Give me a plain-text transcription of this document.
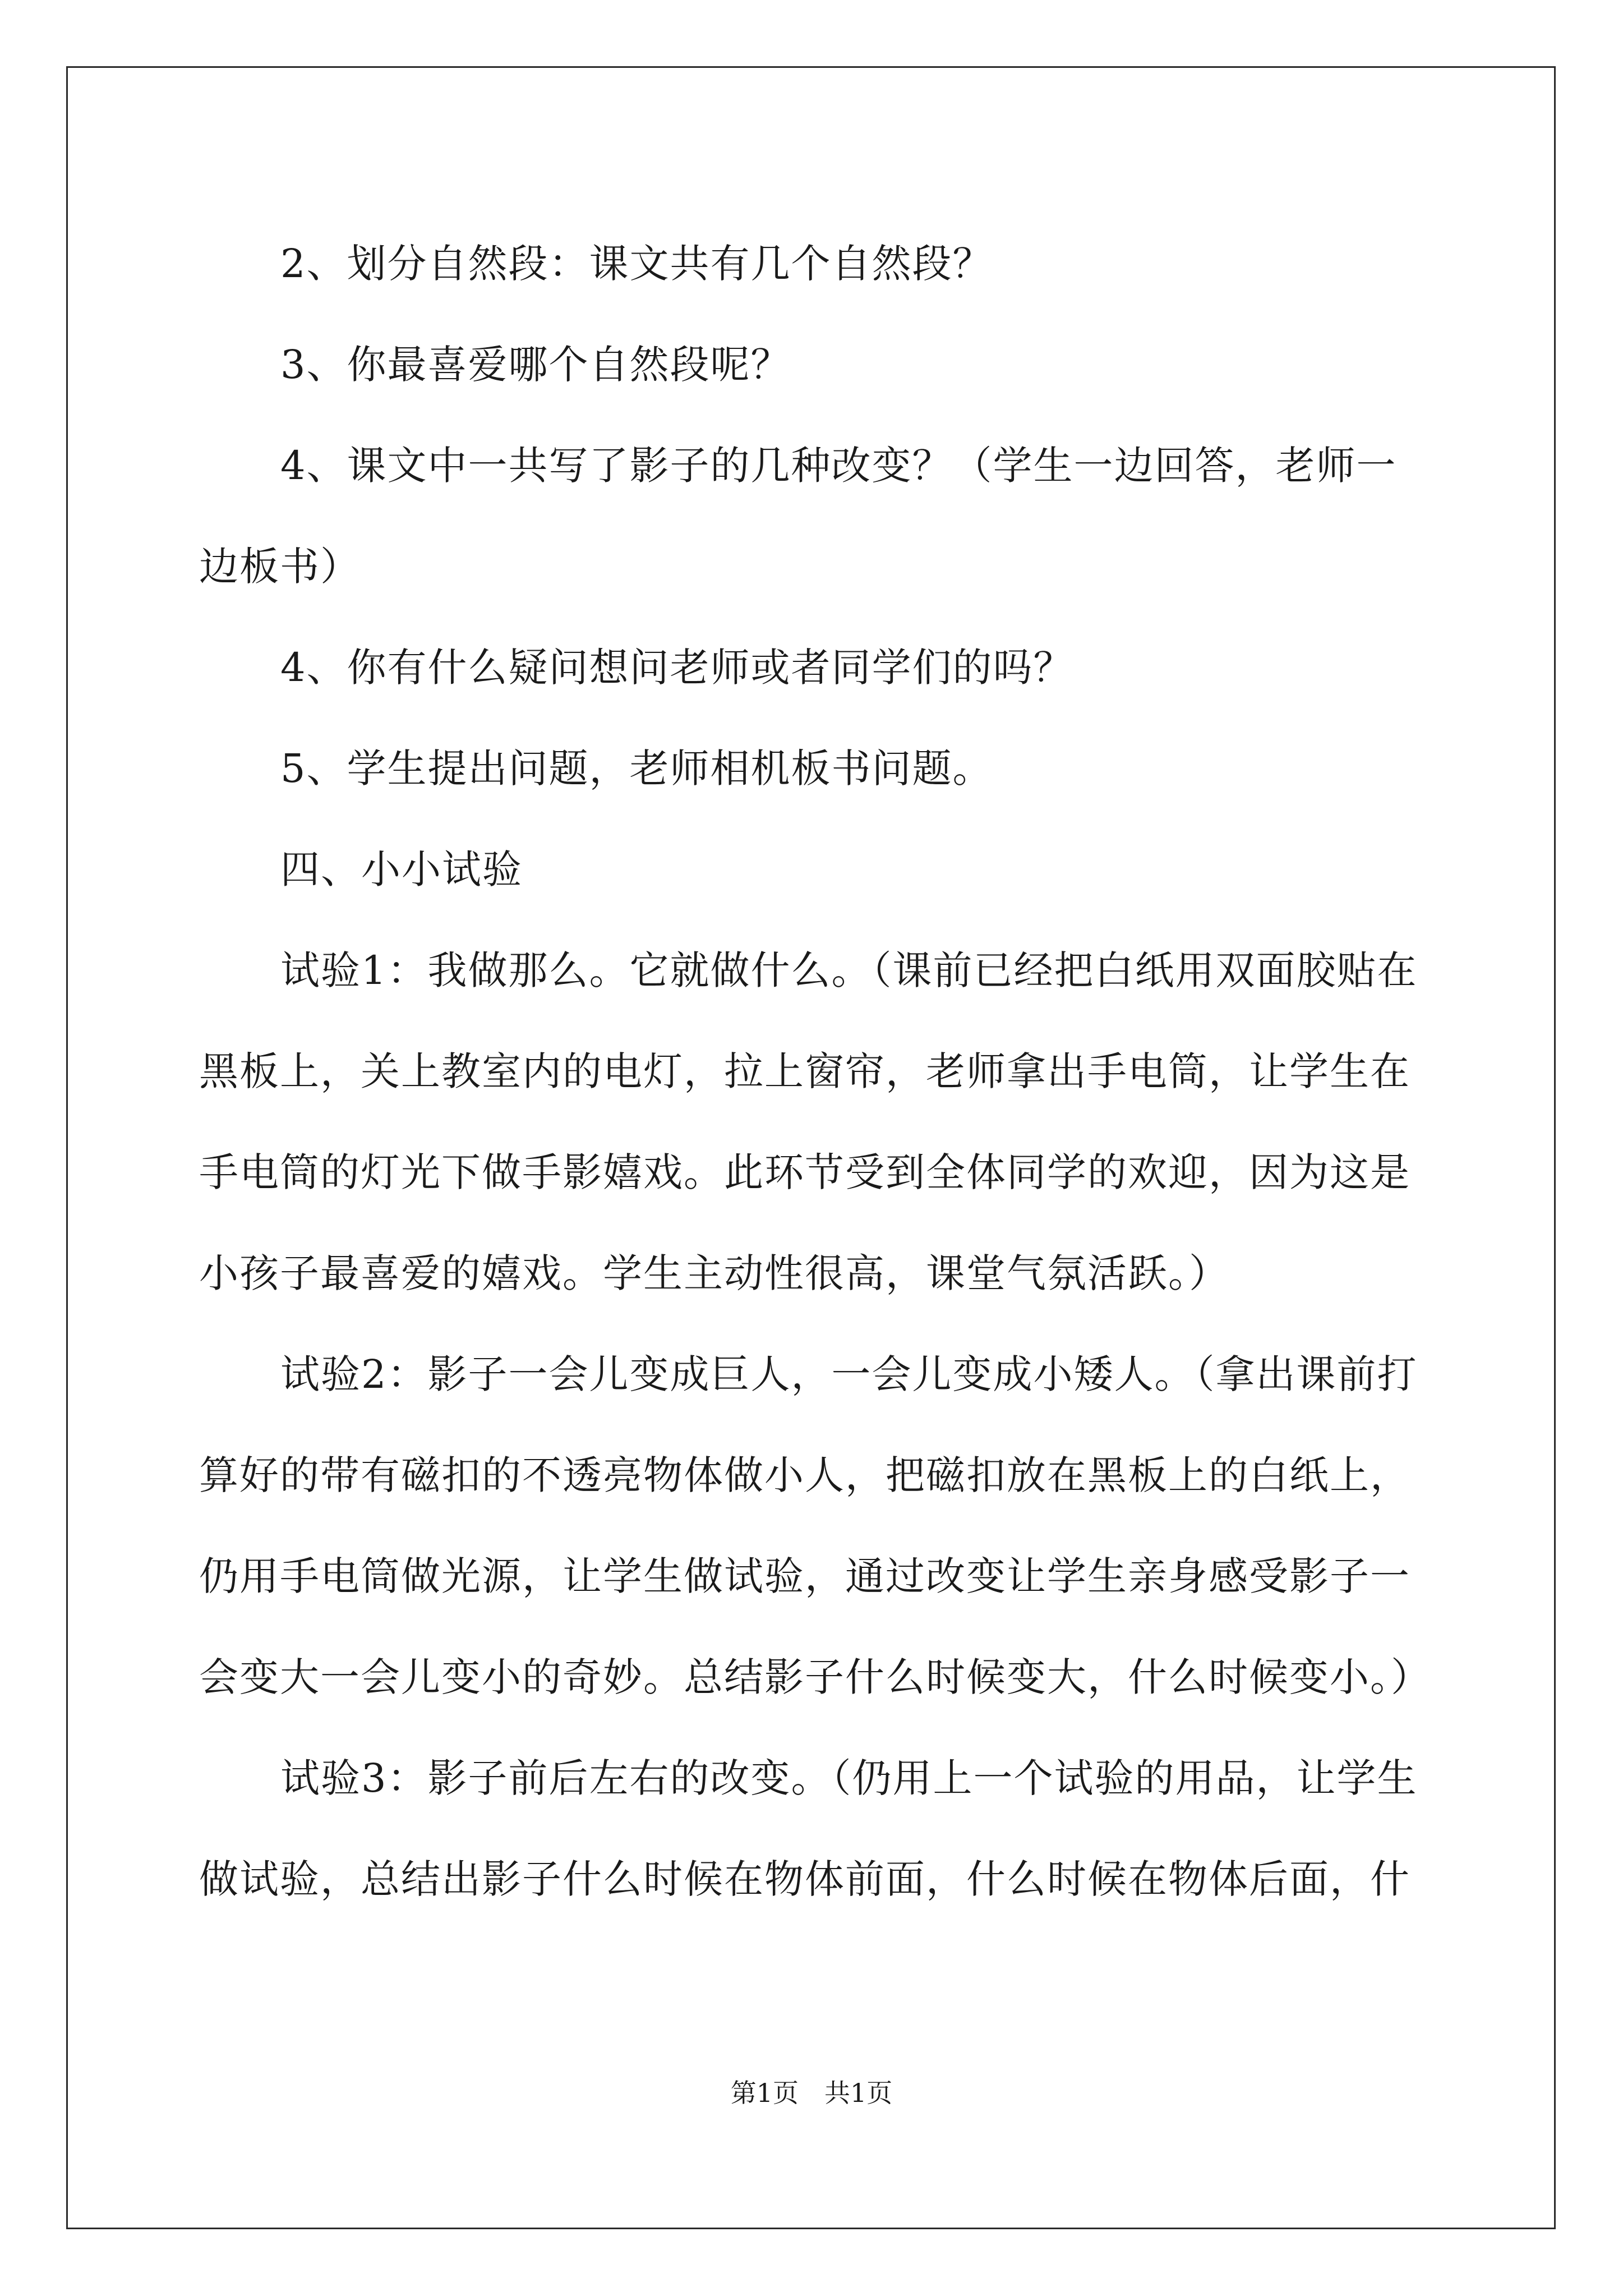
2、划分自然段：课文共有几个自然段？

3、你最喜爱哪个自然段呢？

4、课文中一共写了影子的几种改变？（学生一边回答，老师一边板书）

4、你有什么疑问想问老师或者同学们的吗？

5、学生提出问题，老师相机板书问题。

四、小小试验

试验1：我做那么。它就做什么。（课前已经把白纸用双面胶贴在黑板上，关上教室内的电灯，拉上窗帘，老师拿出手电筒，让学生在手电筒的灯光下做手影嬉戏。此环节受到全体同学的欢迎，因为这是小孩子最喜爱的嬉戏。学生主动性很高，课堂气氛活跃。）

试验2：影子一会儿变成巨人，一会儿变成小矮人。（拿出课前打算好的带有磁扣的不透亮物体做小人，把磁扣放在黑板上的白纸上，仍用手电筒做光源，让学生做试验，通过改变让学生亲身感受影子一会变大一会儿变小的奇妙。总结影子什么时候变大，什么时候变小。）

试验3：影子前后左右的改变。（仍用上一个试验的用品，让学生做试验，总结出影子什么时候在物体前面，什么时候在物体后面，什

第1页　共1页
